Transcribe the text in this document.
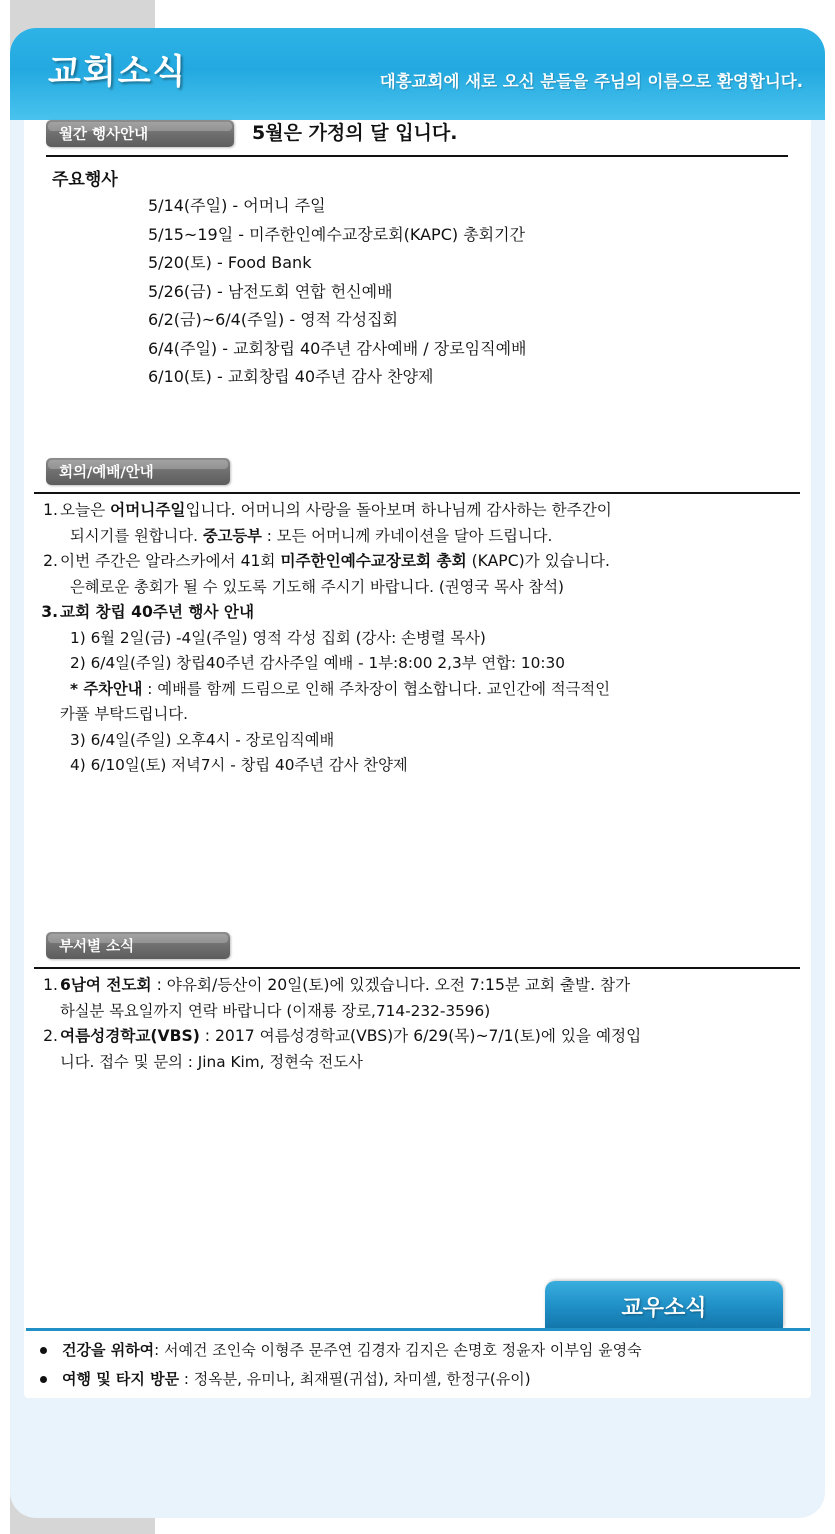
교회소식	대흥교회에 새로 오신 분들을 주님의 이름으로 환영합니다.
월간 행사안내	5월은 가정의 달 입니다.
주요행사
5/14(주일) - 어머니 주일
5/15~19일 - 미주한인예수교장로회(KAPC) 총회기간
5/20(토) - Food Bank
5/26(금) - 남전도회 연합 헌신예배
6/2(금)~6/4(주일) - 영적 각성집회
6/4(주일) - 교회창립 40주년 감사예배 / 장로임직예배
6/10(토) - 교회창립 40주년 감사 찬양제
회의/예배/안내
1. 오늘은 어머니주일입니다. 어머니의 사랑을 돌아보며 하나님께 감사하는 한주간이
되시기를 원합니다. 중고등부 : 모든 어머니께 카네이션을 달아 드립니다.
2. 이번 주간은 알라스카에서 41회 미주한인예수교장로회 총회 (KAPC)가 있습니다.
은혜로운 총회가 될 수 있도록 기도해 주시기 바랍니다. (권영국 목사 참석)
3. 교회 창립 40주년 행사 안내
1) 6월 2일(금) -4일(주일) 영적 각성 집회 (강사: 손병렬 목사)
2) 6/4일(주일) 창립40주년 감사주일 예배 - 1부:8:00 2,3부 연합: 10:30
* 주차안내 : 예배를 함께 드림으로 인해 주차장이 협소합니다. 교인간에 적극적인
카풀 부탁드립니다.
3) 6/4일(주일) 오후4시 - 장로임직예배
4) 6/10일(토) 저녁7시 - 창립 40주년 감사 찬양제
부서별 소식
1. 6남여 전도회 : 야유회/등산이 20일(토)에 있겠습니다. 오전 7:15분 교회 출발. 참가
하실분 목요일까지 연락 바랍니다 (이재룡 장로,714-232-3596)
2. 여름성경학교(VBS) : 2017 여름성경학교(VBS)가 6/29(목)~7/1(토)에 있을 예정입
니다. 접수 및 문의 : Jina Kim, 정현숙 전도사
교우소식
건강을 위하여: 서예건 조인숙 이형주 문주연 김경자 김지은 손명호 정윤자 이부임 윤영숙
여행 및 타지 방문 : 정옥분, 유미나, 최재필(귀섭), 차미셀, 한정구(유이)
